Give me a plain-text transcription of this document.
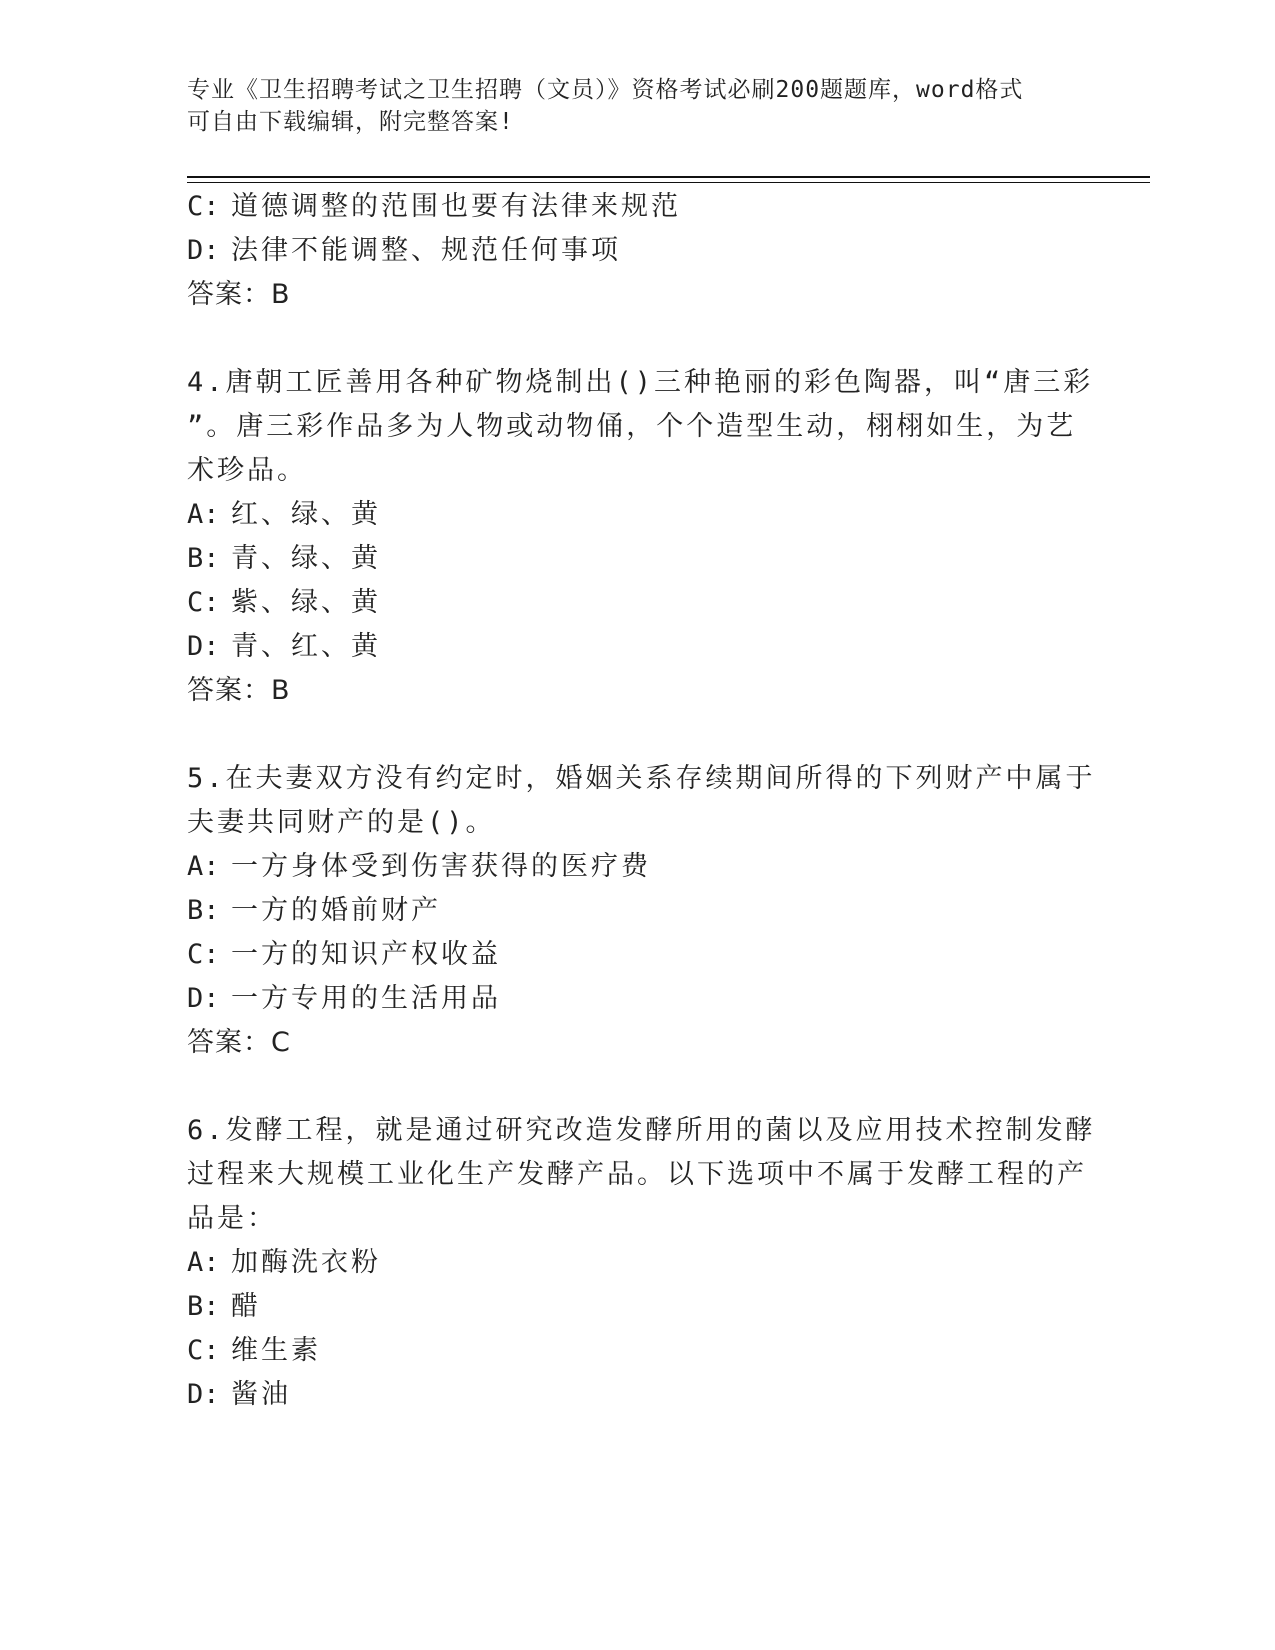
专业《卫生招聘考试之卫生招聘（文员）》资格考试必刷200题题库，word格式
可自由下载编辑，附完整答案!
C: 道德调整的范围也要有法律来规范
D: 法律不能调整、规范任何事项
答案：B
4.唐朝工匠善用各种矿物烧制出()三种艳丽的彩色陶器，叫“唐三彩
”。唐三彩作品多为人物或动物俑，个个造型生动，栩栩如生，为艺
术珍品。
A: 红、绿、黄
B: 青、绿、黄
C: 紫、绿、黄
D: 青、红、黄
答案：B
5.在夫妻双方没有约定时，婚姻关系存续期间所得的下列财产中属于
夫妻共同财产的是()。
A: 一方身体受到伤害获得的医疗费
B: 一方的婚前财产
C: 一方的知识产权收益
D: 一方专用的生活用品
答案：C
6.发酵工程，就是通过研究改造发酵所用的菌以及应用技术控制发酵
过程来大规模工业化生产发酵产品。以下选项中不属于发酵工程的产
品是：
A: 加酶洗衣粉
B: 醋
C: 维生素
D: 酱油
